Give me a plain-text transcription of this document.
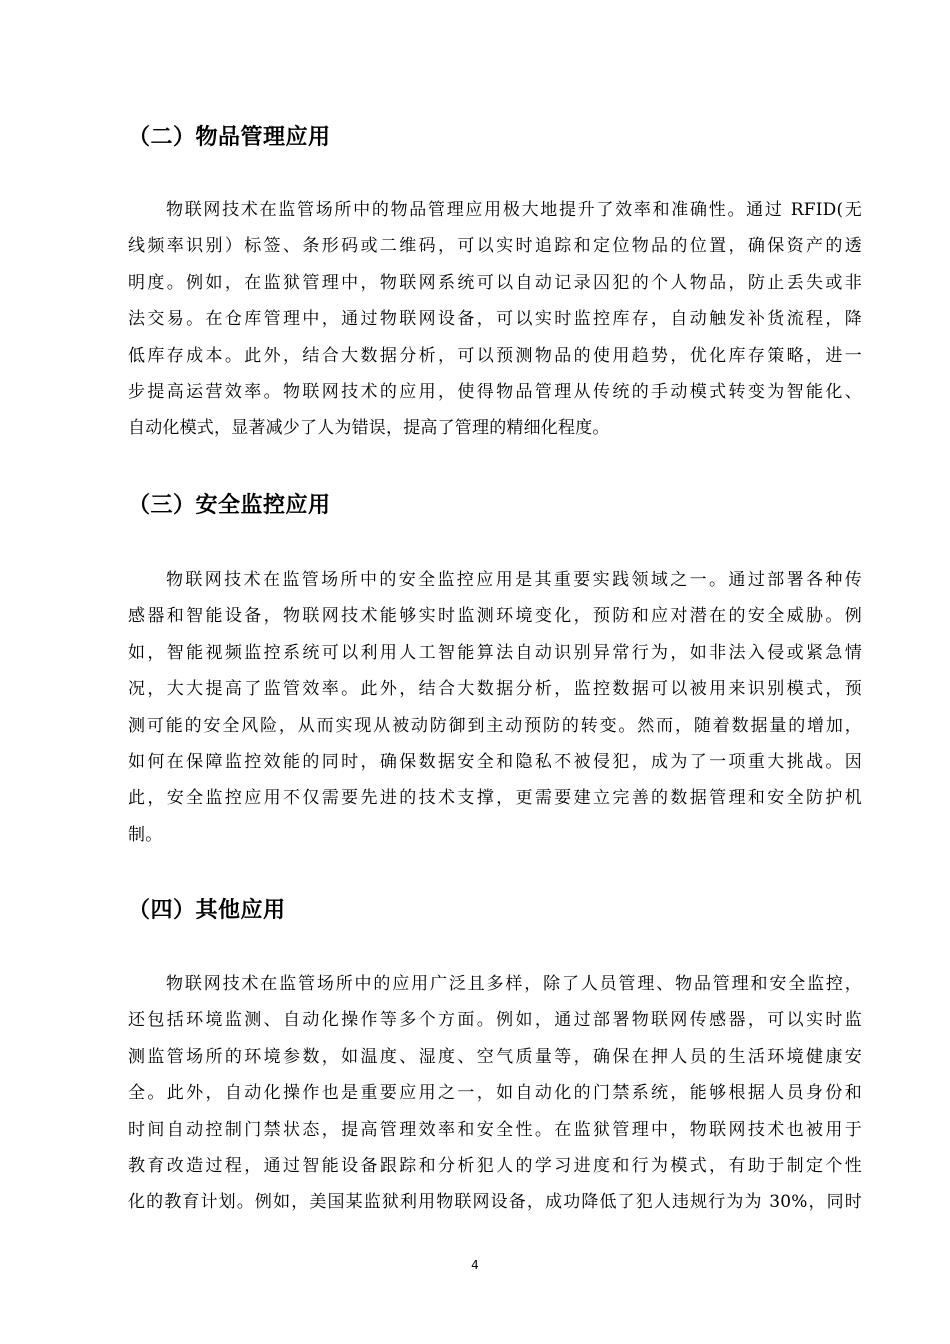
（二）物品管理应用
物联网技术在监管场所中的物品管理应用极大地提升了效率和准确性。通过 RFID(无
线频率识别）标签、条形码或二维码，可以实时追踪和定位物品的位置，确保资产的透
明度。例如，在监狱管理中，物联网系统可以自动记录囚犯的个人物品，防止丢失或非
法交易。在仓库管理中，通过物联网设备，可以实时监控库存，自动触发补货流程，降
低库存成本。此外，结合大数据分析，可以预测物品的使用趋势，优化库存策略，进一
步提高运营效率。物联网技术的应用，使得物品管理从传统的手动模式转变为智能化、
自动化模式，显著减少了人为错误，提高了管理的精细化程度。
（三）安全监控应用
物联网技术在监管场所中的安全监控应用是其重要实践领域之一。通过部署各种传
感器和智能设备，物联网技术能够实时监测环境变化，预防和应对潜在的安全威胁。例
如，智能视频监控系统可以利用人工智能算法自动识别异常行为，如非法入侵或紧急情
况，大大提高了监管效率。此外，结合大数据分析，监控数据可以被用来识别模式，预
测可能的安全风险，从而实现从被动防御到主动预防的转变。然而，随着数据量的增加，
如何在保障监控效能的同时，确保数据安全和隐私不被侵犯，成为了一项重大挑战。因
此，安全监控应用不仅需要先进的技术支撑，更需要建立完善的数据管理和安全防护机
制。
（四）其他应用
物联网技术在监管场所中的应用广泛且多样，除了人员管理、物品管理和安全监控，
还包括环境监测、自动化操作等多个方面。例如，通过部署物联网传感器，可以实时监
测监管场所的环境参数，如温度、湿度、空气质量等，确保在押人员的生活环境健康安
全。此外，自动化操作也是重要应用之一，如自动化的门禁系统，能够根据人员身份和
时间自动控制门禁状态，提高管理效率和安全性。在监狱管理中，物联网技术也被用于
教育改造过程，通过智能设备跟踪和分析犯人的学习进度和行为模式，有助于制定个性
化的教育计划。例如，美国某监狱利用物联网设备，成功降低了犯人违规行为为 30%，同时
4
